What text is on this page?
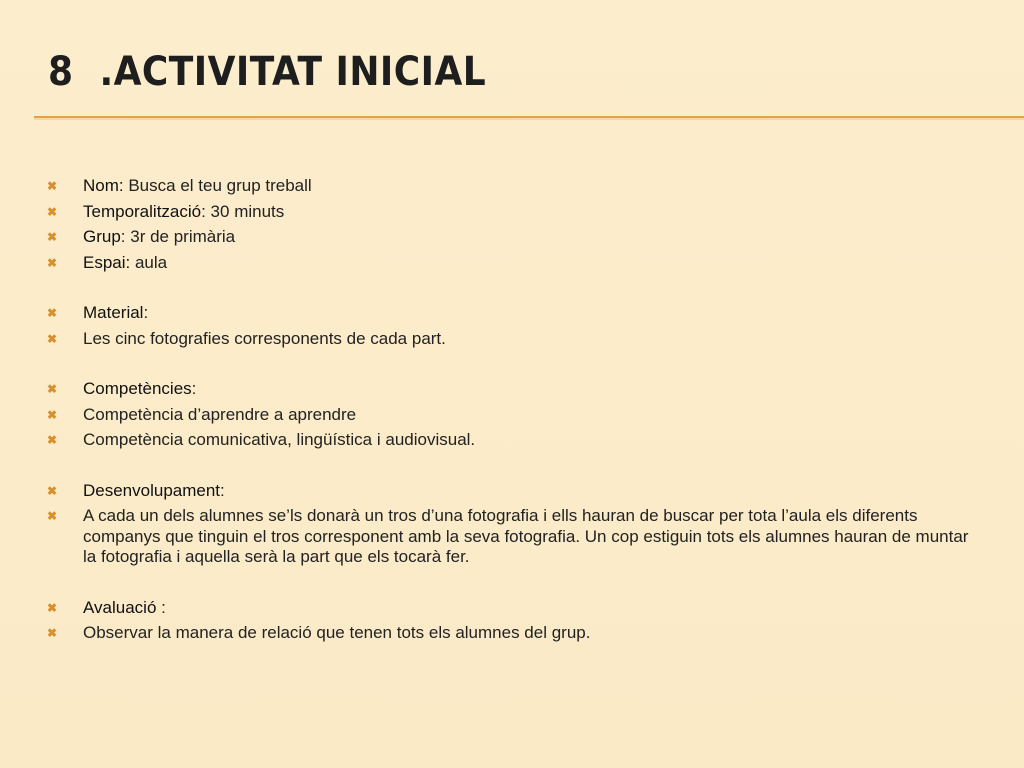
8  .ACTIVITAT INICIAL
✖ Nom: Busca el teu grup treball
✖ Temporalització: 30 minuts
✖ Grup: 3r de primària
✖ Espai: aula
✖ Material:
✖ Les cinc fotografies corresponents de cada part.
✖ Competències:
✖ Competència d’aprendre a aprendre
✖ Competència comunicativa, lingüística i audiovisual.
✖ Desenvolupament:
✖ A cada un dels alumnes se’ls donarà un tros d’una fotografia i ells hauran de buscar per tota l’aula els diferents companys que tinguin el tros corresponent amb la seva fotografia. Un cop estiguin tots els alumnes hauran de muntar la fotografia i aquella serà la part que els tocarà fer.
✖ Avaluació :
✖ Observar la manera de relació que tenen tots els alumnes del grup.
